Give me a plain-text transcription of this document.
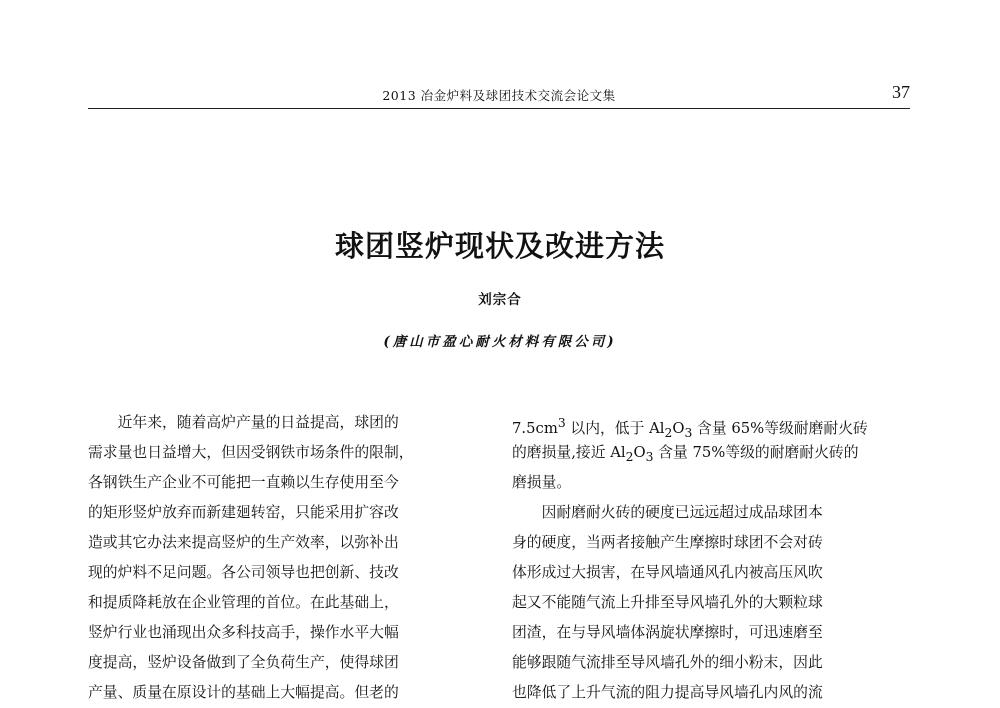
2013 冶金炉料及球团技术交流会论文集	37
球团竖炉现状及改进方法
刘宗合
(唐山市盈心耐火材料有限公司)
　　近年来，随着高炉产量的日益提高，球团的
需求量也日益增大，但因受钢铁市场条件的限制，
各钢铁生产企业不可能把一直赖以生存使用至今
的矩形竖炉放弃而新建廻转窑，只能采用扩容改
造或其它办法来提高竖炉的生产效率，以弥补出
现的炉料不足问题。各公司领导也把创新、技改
和提质降耗放在企业管理的首位。在此基础上，
竖炉行业也涌现出众多科技高手，操作水平大幅
度提高，竖炉设备做到了全负荷生产，使得球团
产量、质量在原设计的基础上大幅提高。但老的
$7.5cm^3$ 以内，低于 $Al_2O_3$ 含量 65%等级耐磨耐火砖
的磨损量,接近 $Al_2O_3$ 含量 75%等级的耐磨耐火砖的
磨损量。
　　因耐磨耐火砖的硬度已远远超过成品球团本
身的硬度，当两者接触产生摩擦时球团不会对砖
体形成过大损害，在导风墙通风孔内被高压风吹
起又不能随气流上升排至导风墙孔外的大颗粒球
团渣，在与导风墙体涡旋状摩擦时，可迅速磨至
能够跟随气流排至导风墙孔外的细小粉末，因此
也降低了上升气流的阻力提高导风墙孔内风的流
